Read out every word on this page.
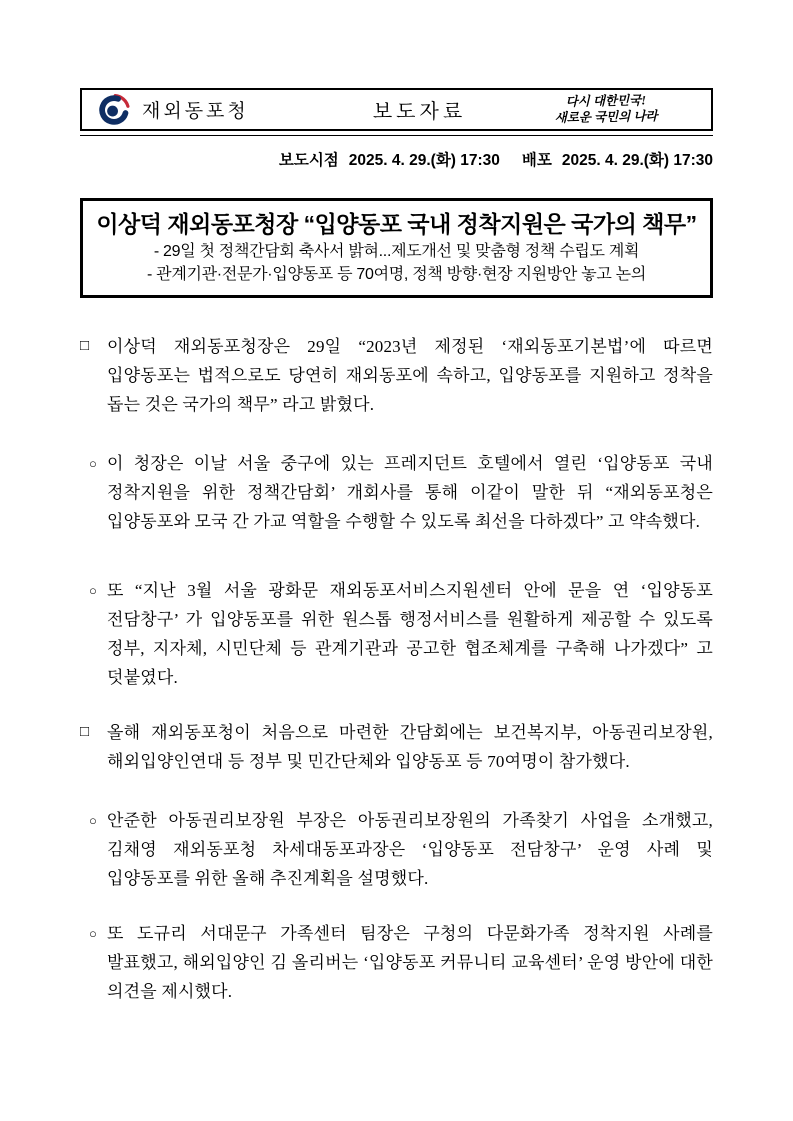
재외동포청	보도자료
다시 대한민국!
새로운 국민의 나라
보도시점 2025. 4. 29.(화) 17:30 배포 2025. 4. 29.(화) 17:30
이상덕 재외동포청장 “입양동포 국내 정착지원은 국가의 책무”
- 29일 첫 정책간담회 축사서 밝혀...제도개선 및 맞춤형 정책 수립도 계획
- 관계기관·전문가·입양동포 등 70여명, 정책 방향·현장 지원방안 놓고 논의
□	이상덕 재외동포청장은 29일 “2023년 제정된 ‘재외동포기본법’에 따르면 입양동포는 법적으로도 당연히 재외동포에 속하고, 입양동포를 지원하고 정착을 돕는 것은 국가의 책무” 라고 밝혔다.
○ 이 청장은 이날 서울 중구에 있는 프레지던트 호텔에서 열린 ‘입양동포 국내 정착지원을 위한 정책간담회’ 개회사를 통해 이같이 말한 뒤 “재외동포청은 입양동포와 모국 간 가교 역할을 수행할 수 있도록 최선을 다하겠다” 고 약속했다.
○ 또 “지난 3월 서울 광화문 재외동포서비스지원센터 안에 문을 연 ‘입양동포 전담창구’ 가 입양동포를 위한 원스톱 행정서비스를 원활하게 제공할 수 있도록 정부, 지자체, 시민단체 등 관계기관과 공고한 협조체계를 구축해 나가겠다” 고 덧붙였다.
□	올해 재외동포청이 처음으로 마련한 간담회에는 보건복지부, 아동권리보장원, 해외입양인연대 등 정부 및 민간단체와 입양동포 등 70여명이 참가했다.
○ 안준한 아동권리보장원 부장은 아동권리보장원의 가족찾기 사업을 소개했고, 김채영 재외동포청 차세대동포과장은 ‘입양동포 전담창구’ 운영 사례 및 입양동포를 위한 올해 추진계획을 설명했다.
○ 또 도규리 서대문구 가족센터 팀장은 구청의 다문화가족 정착지원 사례를 발표했고, 해외입양인 김 올리버는 ‘입양동포 커뮤니티 교육센터’ 운영 방안에 대한 의견을 제시했다.
